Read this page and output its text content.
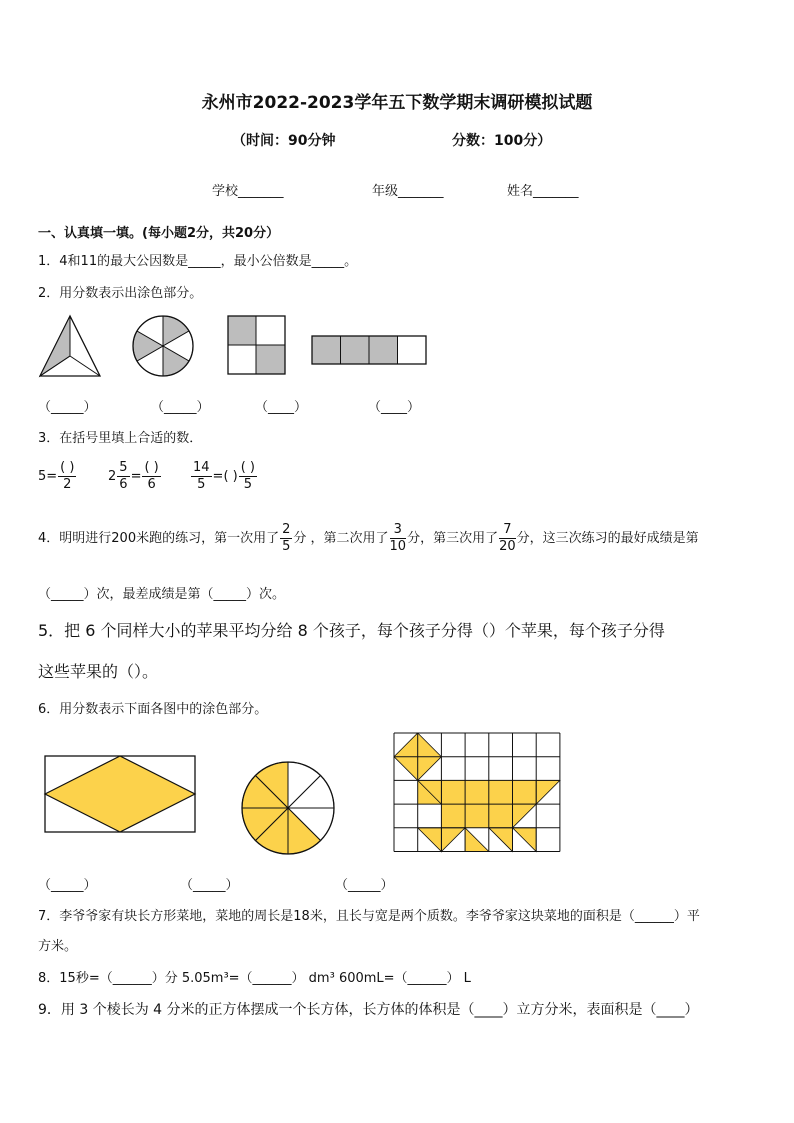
永州市2022-2023学年五下数学期末调研模拟试题
（时间：90分钟	分数：100分）
学校_______	年级_______	姓名_______
一、认真填一填。(每小题2分，共20分）
1．4和11的最大公因数是_____，最小公倍数是_____。
2．用分数表示出涂色部分。
（_____）	（_____）	（____）	（____）
3．在括号里填上合适的数．
$5= \frac{( )}{2} 2 \frac{5}{6} = \frac{( )}{6} \frac{14}{5}$ =( ) $\frac{( )}{5}$
4．明明进行200米跑的练习，第一次用了 $\frac{2}{5}$ 分 ，第二次用了 $\frac{3}{10}$ 分，第三次用了 $\frac{7}{20}$ 分，这三次练习的最好成绩是第
（_____）次，最差成绩是第（_____）次。
5．把 6 个同样大小的苹果平均分给 8 个孩子，每个孩子分得（）个苹果，每个孩子分得
这些苹果的（）。
6．用分数表示下面各图中的涂色部分。
（_____）	（_____）	（_____）
7．李爷爷家有块长方形菜地，菜地的周长是18米，且长与宽是两个质数。李爷爷家这块菜地的面积是（______）平
方米。
8．15秒=（______）分 5.05m³=（______） dm³ 600mL=（______） L
9．用 3 个棱长为 4 分米的正方体摆成一个长方体，长方体的体积是（____）立方分米，表面积是（____）
